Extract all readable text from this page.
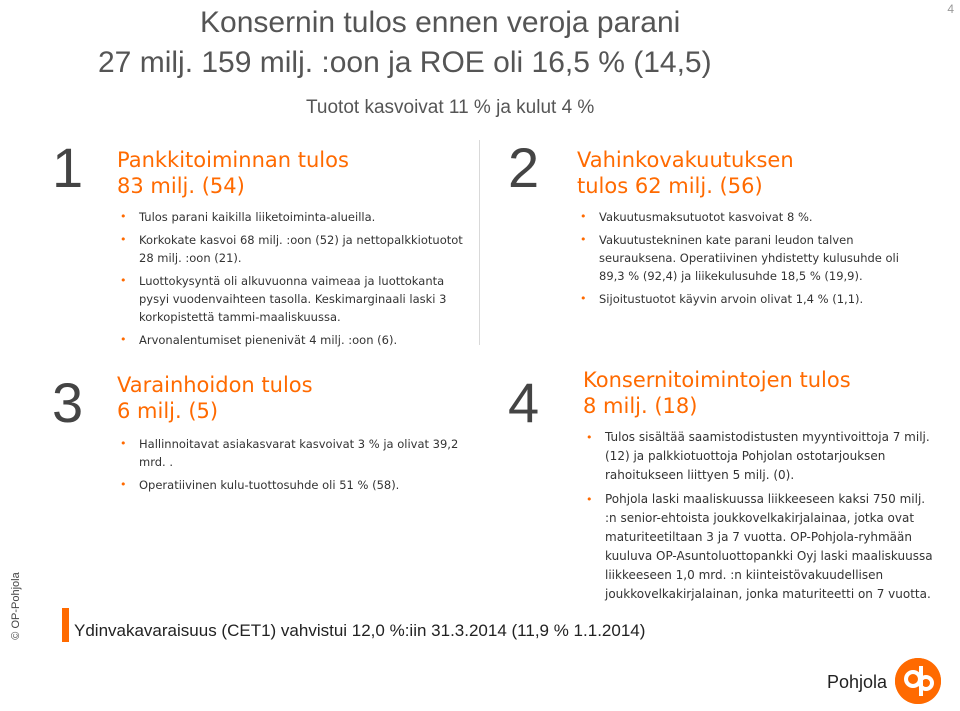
4
Konsernin tulos ennen veroja parani
27 milj. 159 milj. :oon ja ROE oli 16,5 % (14,5)
Tuotot kasvoivat 11 % ja kulut 4 %
1 Pankkitoiminnan tulos
83 milj. (54)
• Tulos parani kaikilla liiketoiminta-alueilla.
• Korkokate kasvoi 68 milj. :oon (52) ja nettopalkkiotuotot 28 milj. :oon (21).
• Luottokysyntä oli alkuvuonna vaimeaa ja luottokanta pysyi vuodenvaihteen tasolla. Keskimarginaali laski 3 korkopistettä tammi-maaliskuussa.
• Arvonalentumiset pienenivät 4 milj. :oon (6).
2 Vahinkovakuutuksen
tulos 62 milj. (56)
• Vakuutusmaksutuotot kasvoivat 8 %.
• Vakuutustekninen kate parani leudon talven seurauksena. Operatiivinen yhdistetty kulusuhde oli 89,3 % (92,4) ja liikekulusuhde 18,5 % (19,9).
• Sijoitustuotot käyvin arvoin olivat 1,4 % (1,1).
3 Varainhoidon tulos
6 milj. (5)
• Hallinnoitavat asiakasvarat kasvoivat 3 % ja olivat 39,2 mrd. .
• Operatiivinen kulu-tuottosuhde oli 51 % (58).
4 Konsernitoimintojen tulos
8 milj. (18)
• Tulos sisältää saamistodistusten myyntivoittoja 7 milj. (12) ja palkkiotuottoja Pohjolan ostotarjouksen rahoitukseen liittyen 5 milj. (0).
• Pohjola laski maaliskuussa liikkeeseen kaksi 750 milj. :n senior-ehtoista joukkovelkakirjalainaa, jotka ovat maturiteetiltaan 3 ja 7 vuotta. OP-Pohjola-ryhmään kuuluva OP-Asuntoluottopankki Oyj laski maaliskuussa liikkeeseen 1,0 mrd. :n kiinteistövakuudellisen joukkovelkakirjalainan, jonka maturiteetti on 7 vuotta.
Ydinvakavaraisuus (CET1) vahvistui 12,0 %:iin 31.3.2014 (11,9 % 1.1.2014)
© OP-Pohjola
Pohjola
